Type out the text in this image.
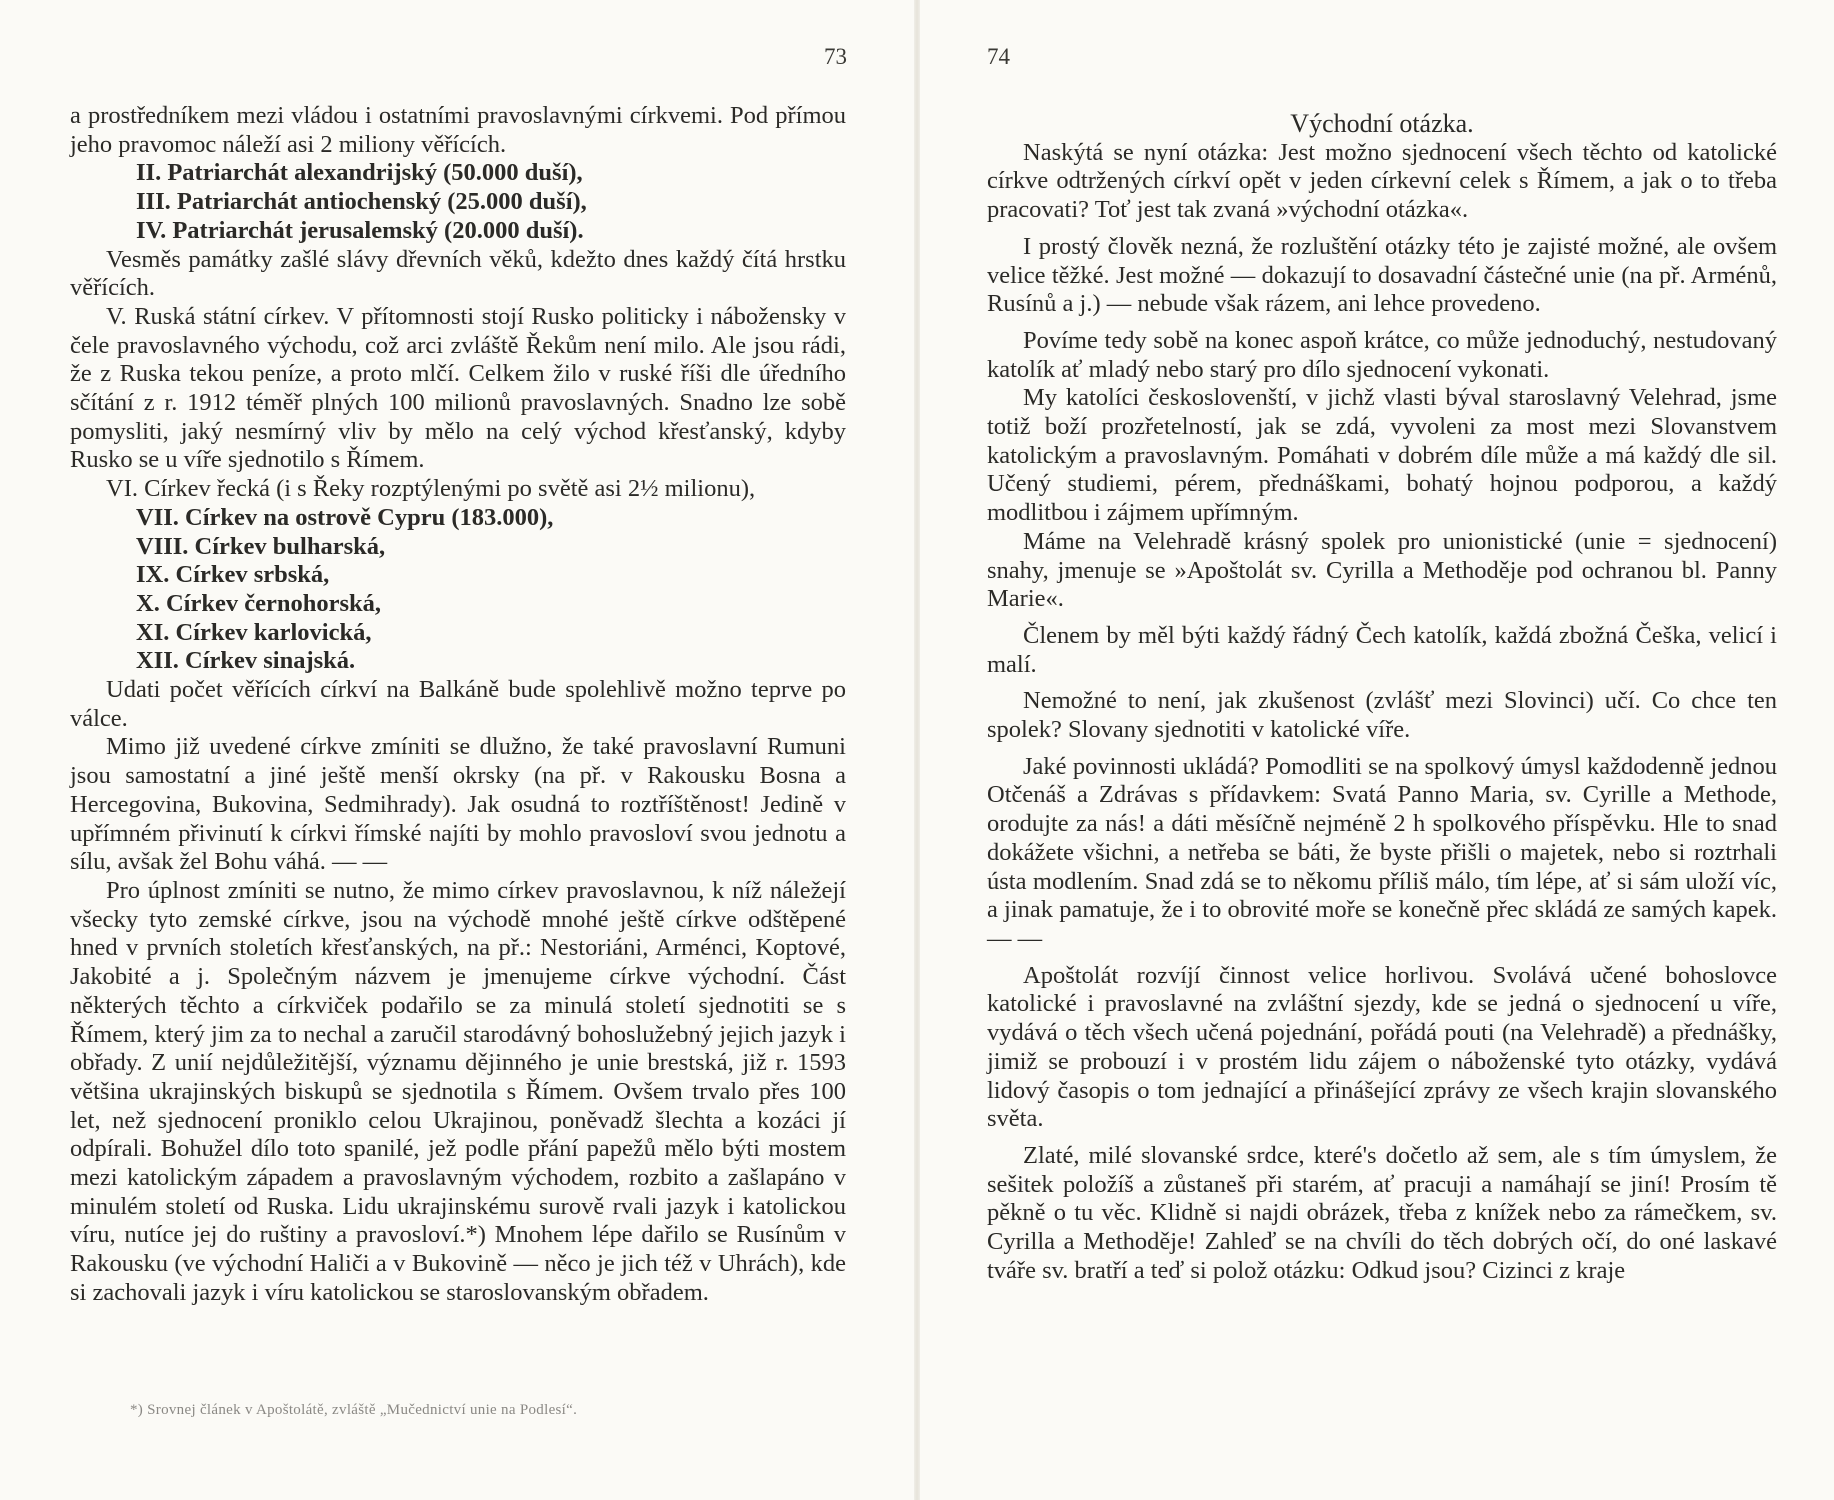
73

a prostředníkem mezi vládou i ostatními pravoslavnými církvemi. Pod přímou jeho pravomoc náleží asi 2 miliony věřících.

II. Patriarchát alexandrijský (50.000 duší),

III. Patriarchát antiochenský (25.000 duší),

IV. Patriarchát jerusalemský (20.000 duší).

Vesměs památky zašlé slávy dřevních věků, kdežto dnes každý čítá hrstku věřících.

V. Ruská státní církev. V přítomnosti stojí Rusko politicky i nábožensky v čele pravoslavného východu, což arci zvláště Řekům není milo. Ale jsou rádi, že z Ruska tekou peníze, a proto mlčí. Celkem žilo v ruské říši dle úředního sčítání z r. 1912 téměř plných 100 milionů pravoslavných. Snadno lze sobě pomysliti, jaký nesmírný vliv by mělo na celý východ křesťanský, kdyby Rusko se u víře sjednotilo s Římem.

VI. Církev řecká (i s Řeky rozptýlenými po světě asi 2½ milionu),

VII. Církev na ostrově Cypru (183.000),

VIII. Církev bulharská,

IX. Církev srbská,

X. Církev černohorská,

XI. Církev karlovická,

XII. Církev sinajská.

Udati počet věřících církví na Balkáně bude spolehlivě možno teprve po válce.

Mimo již uvedené církve zmíniti se dlužno, že také pravoslavní Rumuni jsou samostatní a jiné ještě menší okrsky (na př. v Rakousku Bosna a Hercegovina, Bukovina, Sedmihrady). Jak osudná to roztříštěnost! Jedině v upřímném přivinutí k církvi římské najíti by mohlo pravosloví svou jednotu a sílu, avšak žel Bohu váhá. — —

Pro úplnost zmíniti se nutno, že mimo církev pravoslavnou, k níž náležejí všecky tyto zemské církve, jsou na východě mnohé ještě církve odštěpené hned v prvních stoletích křesťanských, na př.: Nestoriáni, Arménci, Koptové, Jakobité a j. Společným názvem je jmenujeme církve východní. Část některých těchto a církviček podařilo se za minulá století sjednotiti se s Římem, který jim za to nechal a zaručil starodávný bohoslužebný jejich jazyk i obřady. Z unií nejdůležitější, významu dějinného je unie brestská, již r. 1593 většina ukrajinských biskupů se sjednotila s Římem. Ovšem trvalo přes 100 let, než sjednocení proniklo celou Ukrajinou, poněvadž šlechta a kozáci jí odpírali. Bohužel dílo toto spanilé, jež podle přání papežů mělo býti mostem mezi katolickým západem a pravoslavným východem, rozbito a zašlapáno v minulém století od Ruska. Lidu ukrajinskému surově rvali jazyk i katolickou víru, nutíce jej do ruštiny a pravosloví.*) Mnohem lépe dařilo se Rusínům v Rakousku (ve východní Haliči a v Bukovině — něco je jich též v Uhrách), kde si zachovali jazyk i víru katolickou se staroslovanským obřadem.

*) Srovnej článek v Apoštolátě, zvláště „Mučednictví unie na Podlesí“.
74

Východní otázka.

Naskýtá se nyní otázka: Jest možno sjednocení všech těchto od katolické církve odtržených církví opět v jeden církevní celek s Římem, a jak o to třeba pracovati? Toť jest tak zvaná »východní otázka«.

I prostý člověk nezná, že rozluštění otázky této je zajisté možné, ale ovšem velice těžké. Jest možné — dokazují to dosavadní částečné unie (na př. Arménů, Rusínů a j.) — nebude však rázem, ani lehce provedeno.

Povíme tedy sobě na konec aspoň krátce, co může jednoduchý, nestudovaný katolík ať mladý nebo starý pro dílo sjednocení vykonati.

My katolíci českoslovenští, v jichž vlasti býval staroslavný Velehrad, jsme totiž boží prozřetelností, jak se zdá, vyvoleni za most mezi Slovanstvem katolickým a pravoslavným. Pomáhati v dobrém díle může a má každý dle sil. Učený studiemi, pérem, přednáškami, bohatý hojnou podporou, a každý modlitbou i zájmem upřímným.

Máme na Velehradě krásný spolek pro unionistické (unie = sjednocení) snahy, jmenuje se »Apoštolát sv. Cyrilla a Methoděje pod ochranou bl. Panny Marie«.

Členem by měl býti každý řádný Čech katolík, každá zbožná Češka, velicí i malí.

Nemožné to není, jak zkušenost (zvlášť mezi Slovinci) učí. Co chce ten spolek? Slovany sjednotiti v katolické víře.

Jaké povinnosti ukládá? Pomodliti se na spolkový úmysl každodenně jednou Otčenáš a Zdrávas s přídavkem: Svatá Panno Maria, sv. Cyrille a Methode, orodujte za nás! a dáti měsíčně nejméně 2 h spolkového příspěvku. Hle to snad dokážete všichni, a netřeba se báti, že byste přišli o majetek, nebo si roztrhali ústa modlením. Snad zdá se to někomu příliš málo, tím lépe, ať si sám uloží víc, a jinak pamatuje, že i to obrovité moře se konečně přec skládá ze samých kapek. — —

Apoštolát rozvíjí činnost velice horlivou. Svolává učené bohoslovce katolické i pravoslavné na zvláštní sjezdy, kde se jedná o sjednocení u víře, vydává o těch všech učená pojednání, pořádá pouti (na Velehradě) a přednášky, jimiž se probouzí i v prostém lidu zájem o náboženské tyto otázky, vydává lidový časopis o tom jednající a přinášející zprávy ze všech krajin slovanského světa.

Zlaté, milé slovanské srdce, které's dočetlo až sem, ale s tím úmyslem, že sešitek položíš a zůstaneš při starém, ať pracuji a namáhají se jiní! Prosím tě pěkně o tu věc. Klidně si najdi obrázek, třeba z knížek nebo za rámečkem, sv. Cyrilla a Methoděje! Zahleď se na chvíli do těch dobrých očí, do oné laskavé tváře sv. bratří a teď si polož otázku: Odkud jsou? Cizinci z kraje
